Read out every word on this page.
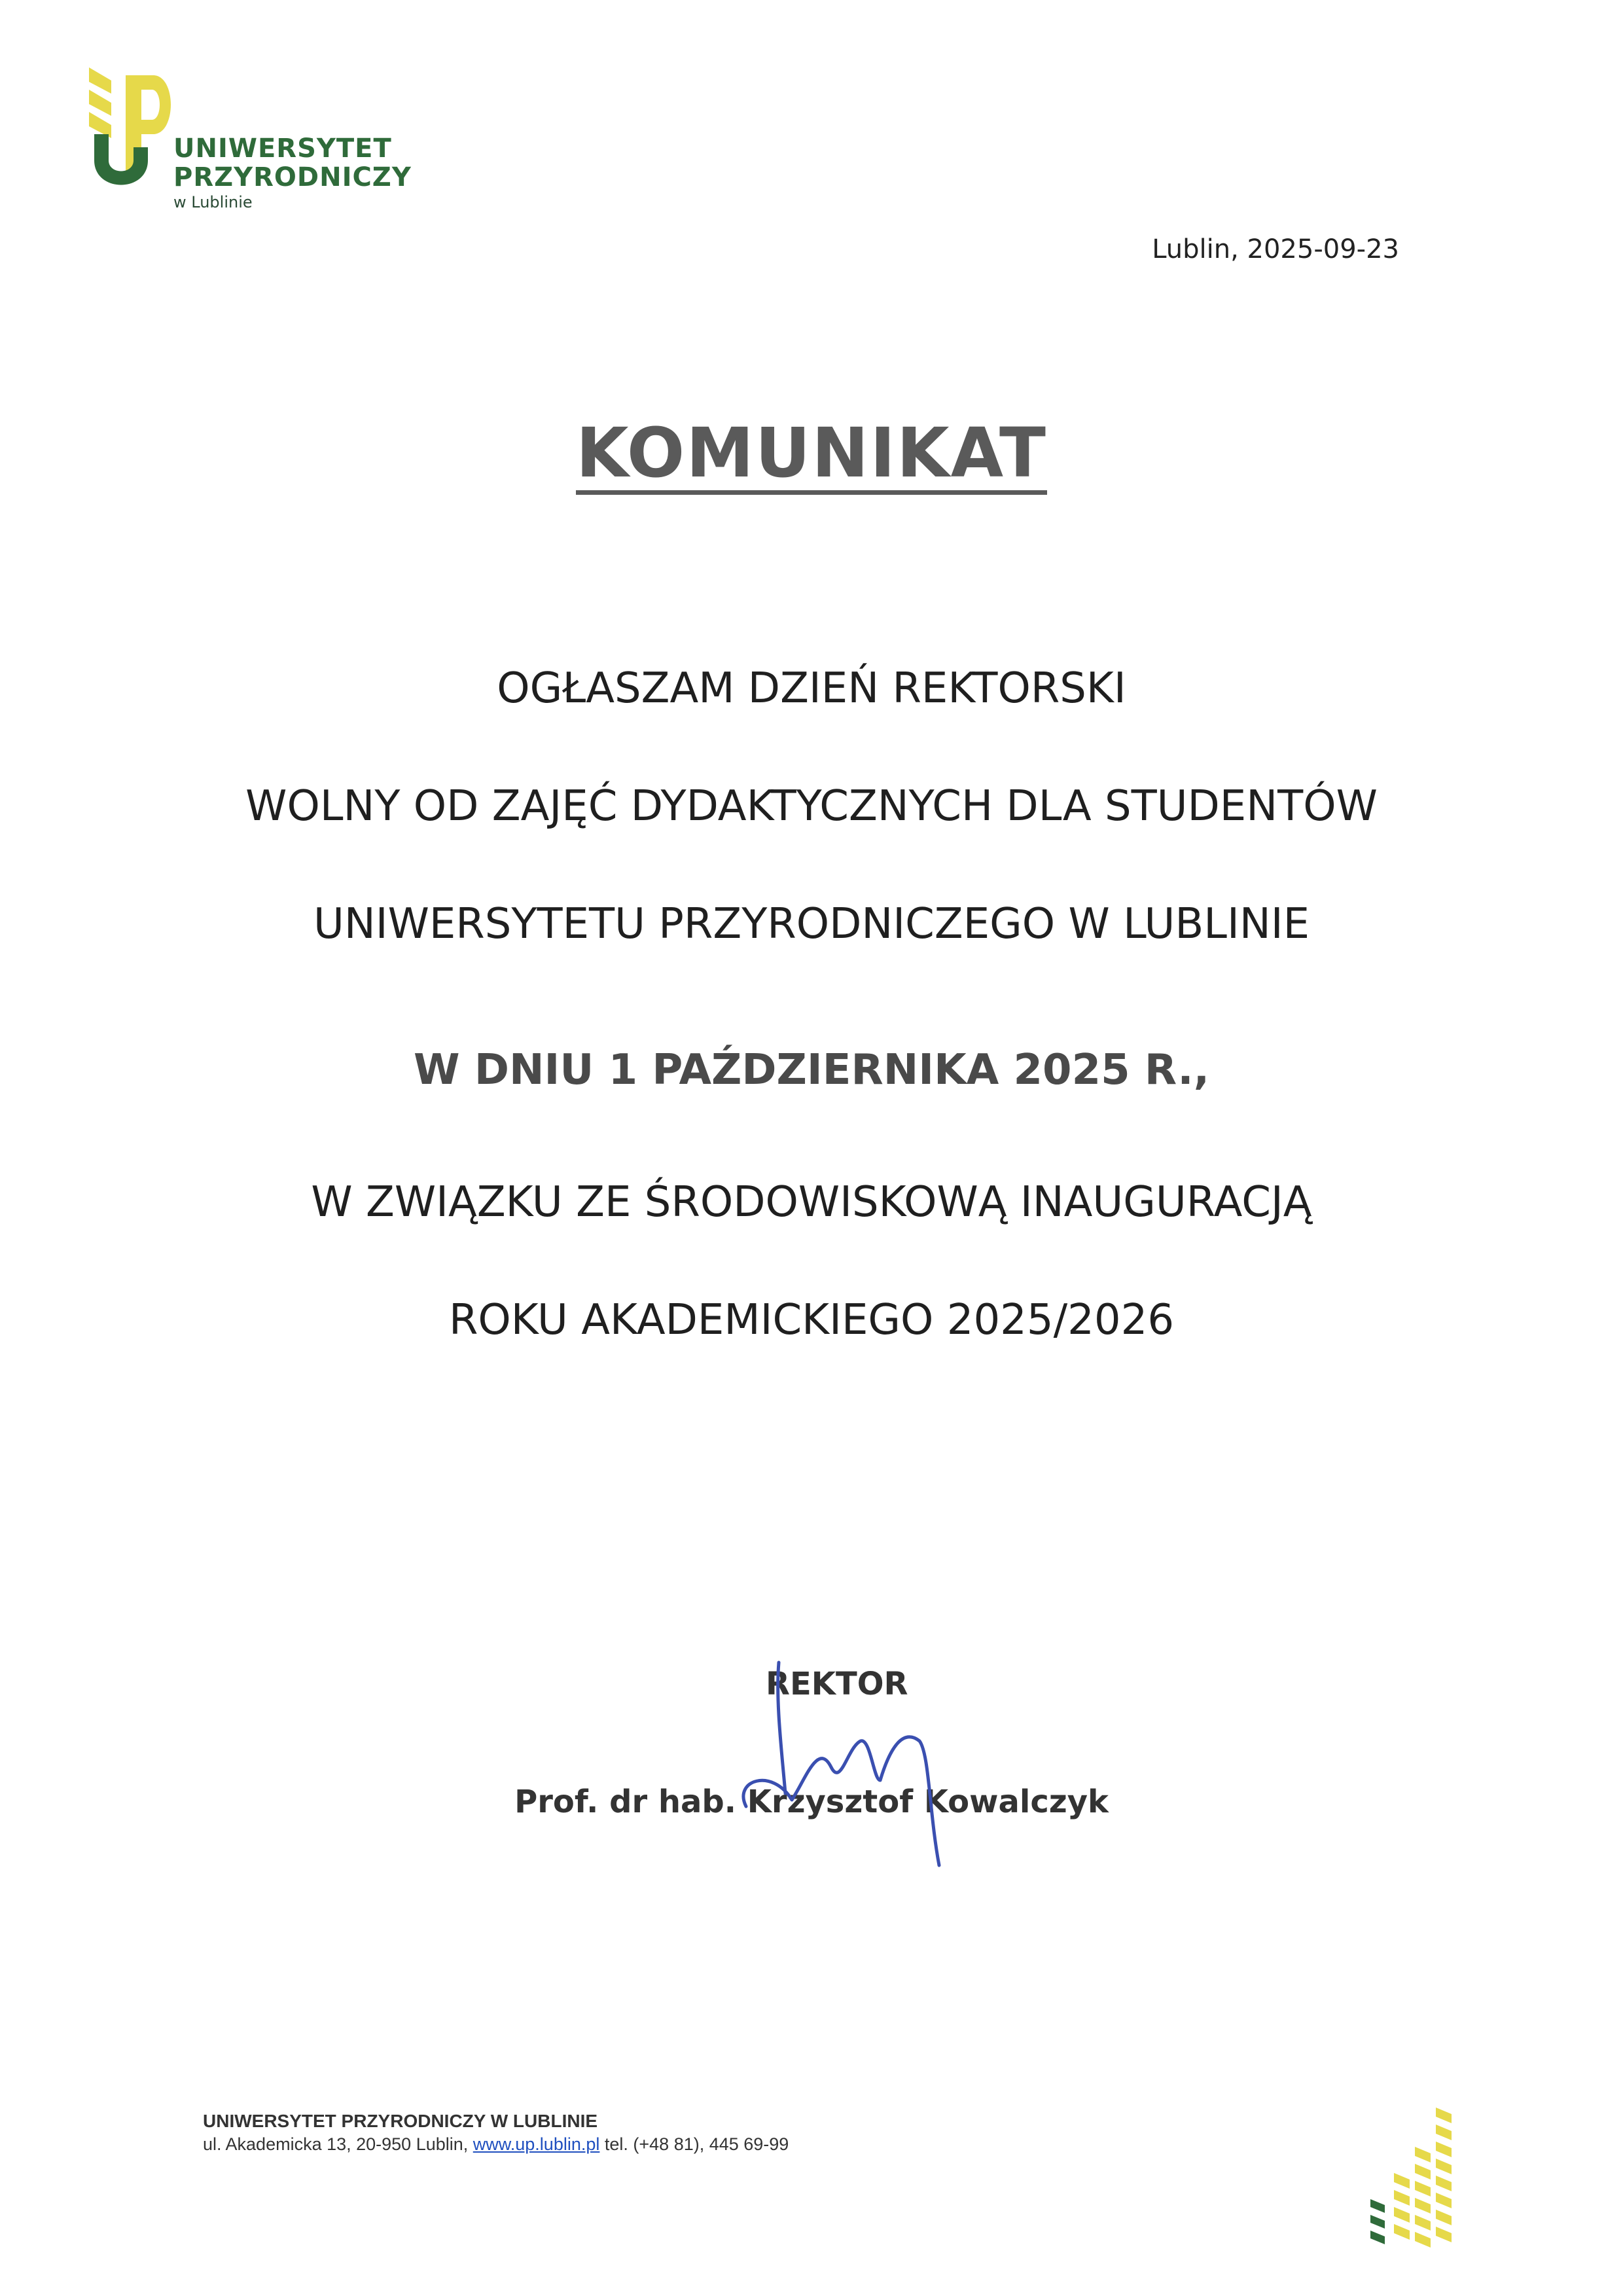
UNIWERSYTET
PRZYRODNICZY
w Lublinie
Lublin, 2025-09-23
KOMUNIKAT
OGŁASZAM DZIEŃ REKTORSKI
WOLNY OD ZAJĘĆ DYDAKTYCZNYCH DLA STUDENTÓW
UNIWERSYTETU PRZYRODNICZEGO W LUBLINIE
W DNIU 1 PAŹDZIERNIKA 2025 R.,
W ZWIĄZKU ZE ŚRODOWISKOWĄ INAUGURACJĄ
ROKU AKADEMICKIEGO 2025/2026
REKTOR
Prof. dr hab. Krzysztof Kowalczyk
UNIWERSYTET PRZYRODNICZY W LUBLINIE
ul. Akademicka 13, 20-950 Lublin, www.up.lublin.pl tel. (+48 81), 445 69-99
